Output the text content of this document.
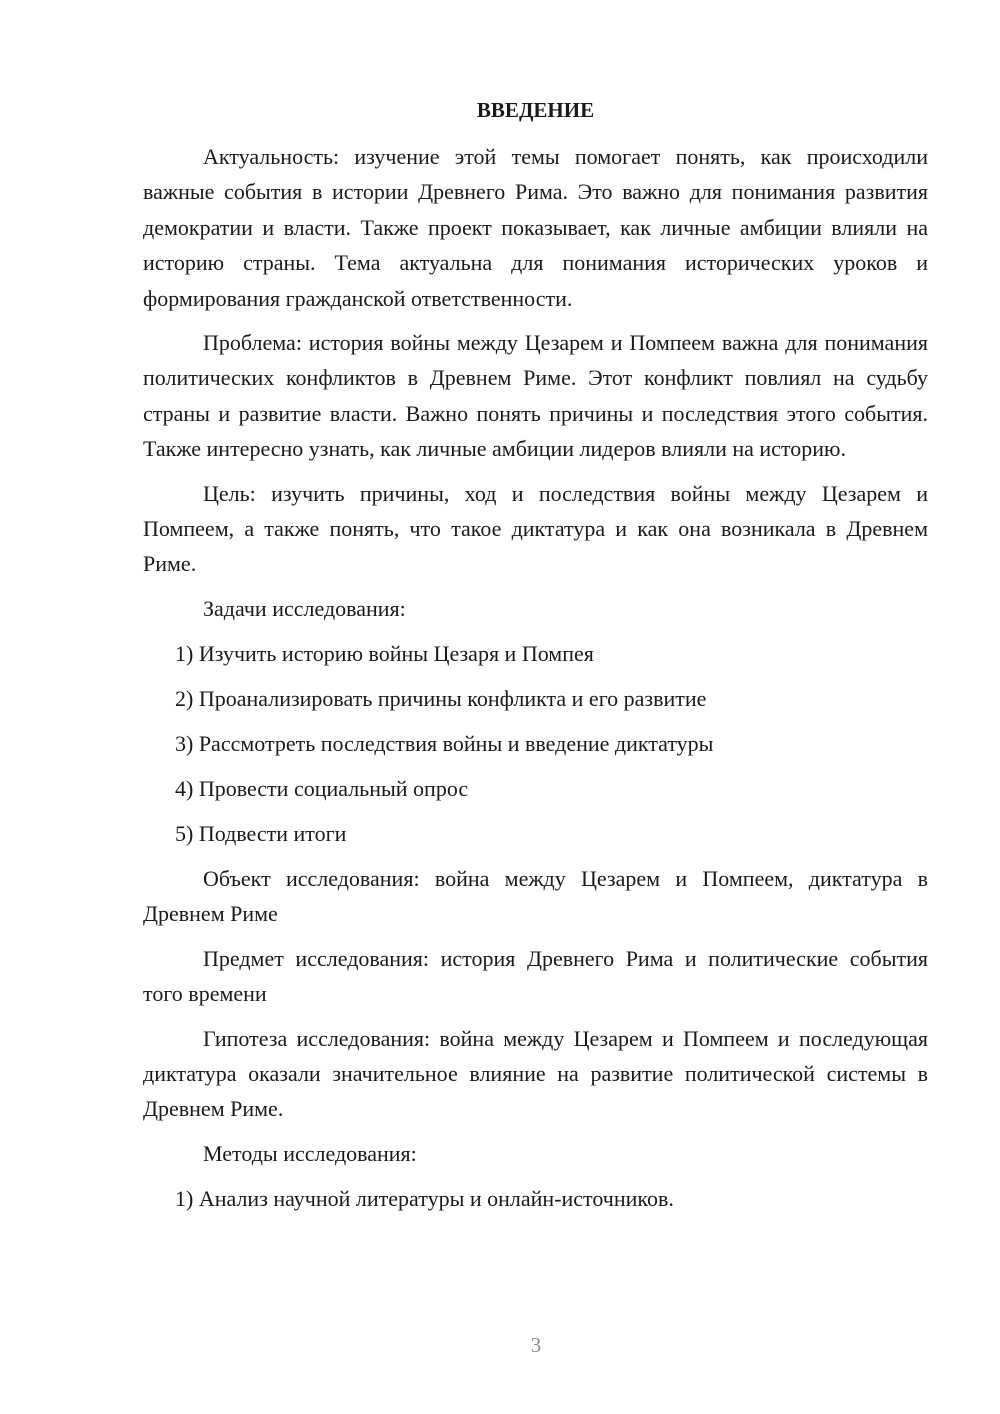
ВВЕДЕНИЕ

Актуальность: изучение этой темы помогает понять, как происходили важные события в истории Древнего Рима. Это важно для понимания развития демократии и власти. Также проект показывает, как личные амбиции влияли на историю страны. Тема актуальна для понимания исторических уроков и формирования гражданской ответственности.

Проблема: история войны между Цезарем и Помпеем важна для понимания политических конфликтов в Древнем Риме. Этот конфликт повлиял на судьбу страны и развитие власти. Важно понять причины и последствия этого события. Также интересно узнать, как личные амбиции лидеров влияли на историю.

Цель: изучить причины, ход и последствия войны между Цезарем и Помпеем, а также понять, что такое диктатура и как она возникала в Древнем Риме.

Задачи исследования:

1) Изучить историю войны Цезаря и Помпея

2) Проанализировать причины конфликта и его развитие

3) Рассмотреть последствия войны и введение диктатуры

4) Провести социальный опрос

5) Подвести итоги

Объект исследования: война между Цезарем и Помпеем, диктатура в Древнем Риме

Предмет исследования: история Древнего Рима и политические события того времени

Гипотеза исследования: война между Цезарем и Помпеем и последующая диктатура оказали значительное влияние на развитие политической системы в Древнем Риме.

Методы исследования:

1) Анализ научной литературы и онлайн-источников.

3
